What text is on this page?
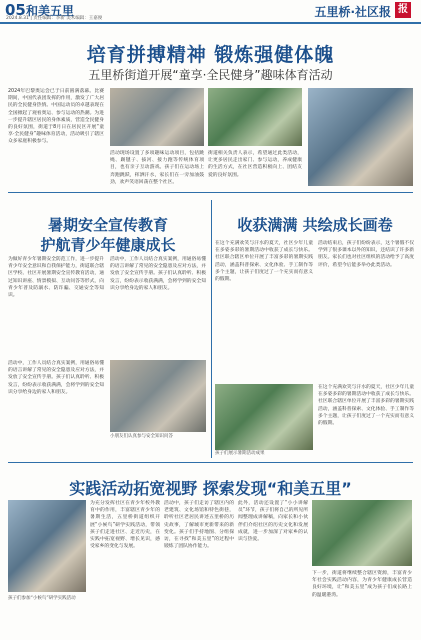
05 和美五里
2024.8.31 | 责任编辑：李新 美术编辑：王嘉俊	五里桥·社区报 报
培育拼搏精神 锻炼强健体魄
五里桥街道开展“童享·全民健身”趣味体育活动
2024年巴黎奥运会已于日前圆满落幕。比赛期间，中国代表团发挥的作用，激发了广大居民的全民健身热情。中国运动员的卓越表现在全国掀起了观看奥运、参与运动的热潮。为进一步提升辖区居民的身体素质，营造全民健身的良好氛围，街道于8月日在居民区开展“童享·全民健身”趣味体育活动，活动吸引了辖区众多家庭积极参与。
活动现场设置了多项趣味运动项目，包括跳绳、踢毽子、拔河、接力跑等传统体育项目，也有亲子互动游戏。孩子们在运动场上奔跑跳跃，挥洒汗水，家长们在一旁加油鼓劲，欢声笑语回荡在整个社区。
街道相关负责人表示，希望通过此类活动，让更多居民走出家门、参与运动，养成健康的生活方式，在社区营造积极向上、团结友爱的良好氛围。
暑期安全宣传教育
护航青少年健康成长
为做好青少年暑期安全防范工作，进一步提升青少年安全意识和自我保护能力，街道联合辖区学校、社区开展暑期安全宣传教育活动，通过知识讲座、情景模拟、互动问答等形式，向青少年普及防溺水、防诈骗、交通安全等知识。
活动中，工作人员结合真实案例，用通俗易懂的语言讲解了常见的安全隐患及应对方法，并发放了安全宣传手册。孩子们认真聆听、积极发言，纷纷表示收获满满，会将学到的安全知识分享给身边的家人和朋友。
小朋友们认真参与安全知识问答
活动中，工作人员结合真实案例，用通俗易懂的语言讲解了常见的安全隐患及应对方法，并发放了安全宣传手册。孩子们认真聆听、积极发言，纷纷表示收获满满，会将学到的安全知识分享给身边的家人和朋友。
收获满满 共绘成长画卷
在这个充满欢笑与汗水的夏天，社区少年儿童在多姿多彩的暑期活动中收获了成长与快乐。社区联合辖区单位开展了丰富多彩的暑期实践活动，涵盖科普探索、文化体验、手工制作等多个主题，让孩子们度过了一个充实而有意义的假期。
活动结束后，孩子们纷纷表示，这个暑假不仅学到了很多课本以外的知识，还结识了许多新朋友。家长们也对社区组织的活动给予了高度评价，希望今后能多举办此类活动。
孩子们展示暑期活动成果
在这个充满欢笑与汗水的夏天，社区少年儿童在多姿多彩的暑期活动中收获了成长与快乐。社区联合辖区单位开展了丰富多彩的暑期实践活动，涵盖科普探索、文化体验、手工制作等多个主题，让孩子们度过了一个充实而有意义的假期。
实践活动拓宽视野 探索发现“和美五里”
为充分发挥社区在青少年校外教育中的作用，丰富辖区青少年的暑期生活，五里桥街道组织开展“小候鸟”研学实践活动，带领孩子们走进社区、走近历史，在实践中拓宽视野、增长见识，感受家乡的变化与发展。
活动中，孩子们走访了辖区内的老建筑、文化场馆和特色街巷，聆听社区老居民讲述五里桥的历史故事，了解城市更新带来的新变化。孩子们手持地图、分组探访，在寻找“和美五里”的过程中锻炼了团队协作能力。
此外，活动还设置了“小小讲解员”环节，孩子们将自己的所见所闻整理成讲解稿，向家长和小伙伴们介绍社区的历史文化和发展成就，进一步加深了对家乡的认识与热爱。
下一步，街道将继续整合辖区资源，丰富青少年社会实践活动内容，为青少年健康成长营造良好环境，让“和美五里”成为孩子们成长路上的温暖港湾。
孩子们参加“小候鸟”研学实践活动
